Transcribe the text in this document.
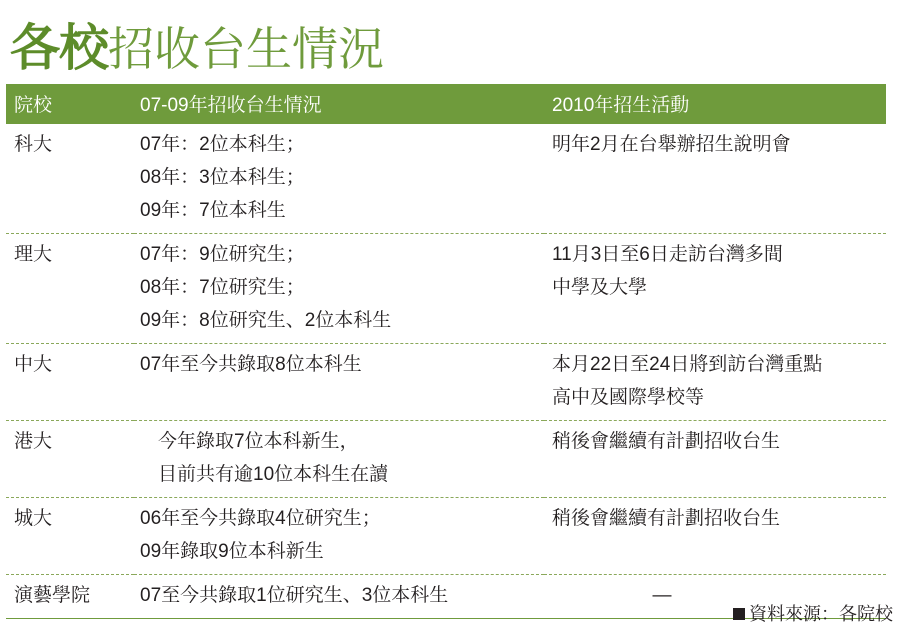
各校招收台生情況
院校	07-09年招收台生情況	2010年招生活動
科大	07年：2位本科生；
08年：3位本科生；
09年：7位本科生	明年2月在台舉辦招生說明會

理大	07年：9位研究生；
08年：7位研究生；
09年：8位研究生、2位本科生	11月3日至6日走訪台灣多間
中學及大學

中大	07年至今共錄取8位本科生	本月22日至24日將到訪台灣重點
高中及國際學校等

港大	今年錄取7位本科新生，
目前共有逾10位本科生在讀	稍後會繼續有計劃招收台生

城大	06年至今共錄取4位研究生；
09年錄取9位本科新生	稍後會繼續有計劃招收台生

演藝學院	07至今共錄取1位研究生、3位本科生	—
資料來源：各院校
